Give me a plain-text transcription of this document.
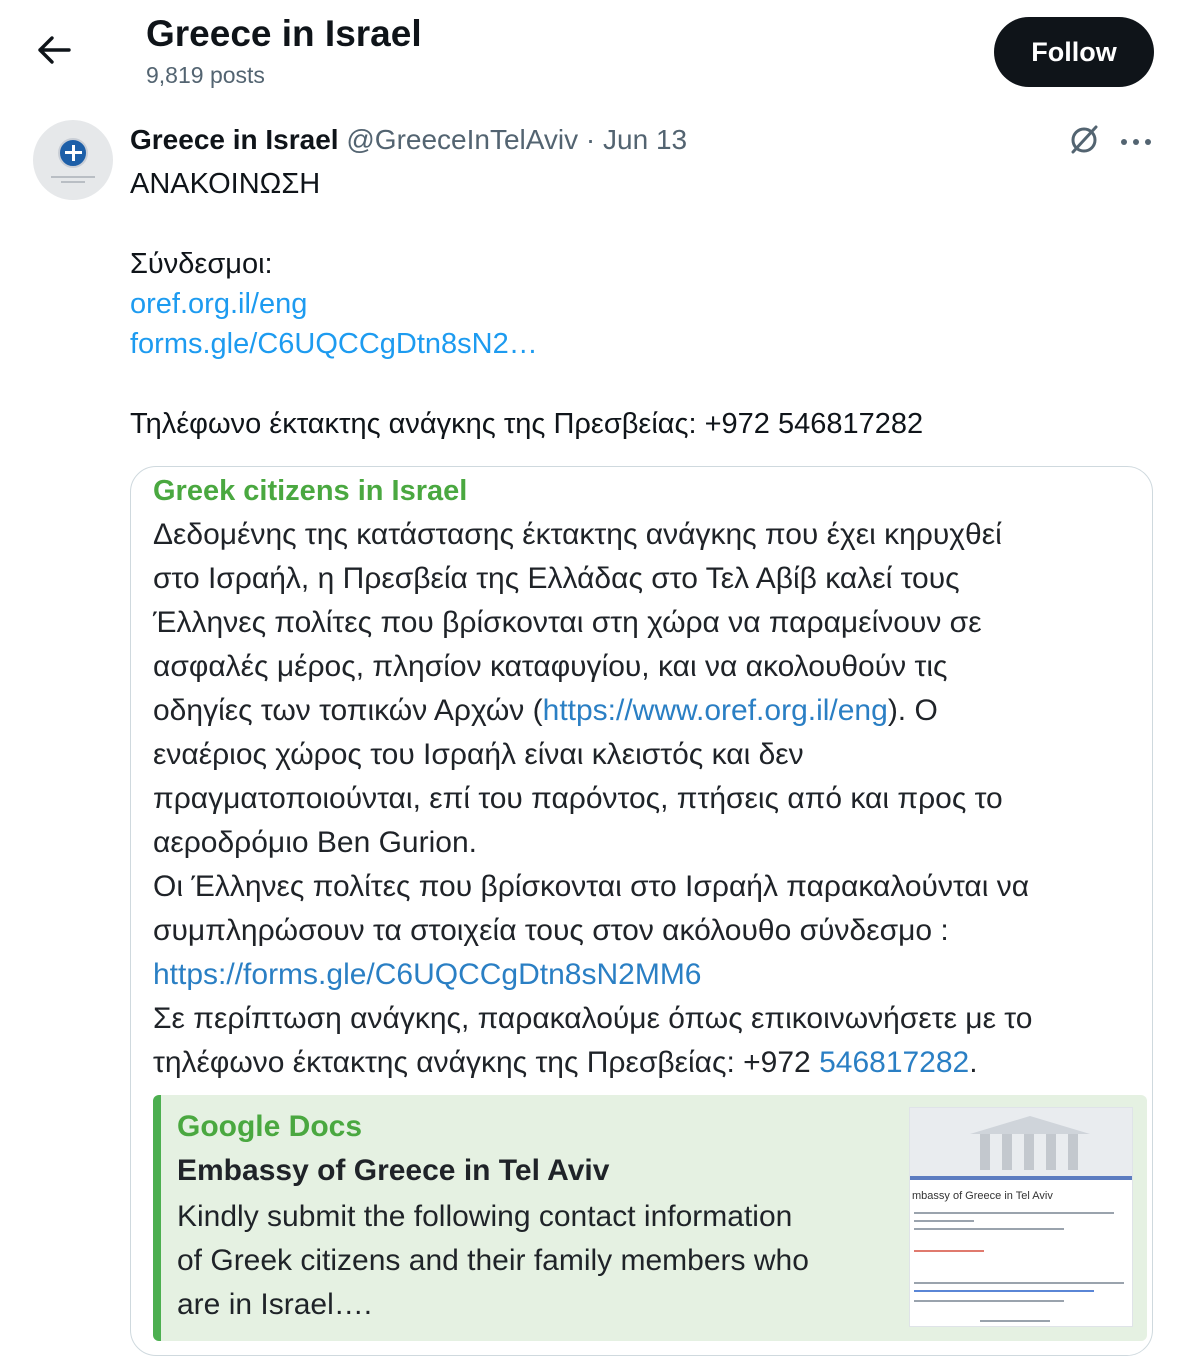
Greece in Israel
9,819 posts
Follow
Greece in Israel @GreeceInTelAviv · Jun 13
ΑΝΑΚΟΙΝΩΣΗ
Σύνδεσμοι:
oref.org.il/eng
forms.gle/C6UQCCgDtn8sN2…
Τηλέφωνο έκτακτης ανάγκης της Πρεσβείας: +972 546817282
Greek citizens in Israel
Δεδομένης της κατάστασης έκτακτης ανάγκης που έχει κηρυχθεί
στο Ισραήλ, η Πρεσβεία της Ελλάδας στο Τελ Αβίβ καλεί τους
Έλληνες πολίτες που βρίσκονται στη χώρα να παραμείνουν σε
ασφαλές μέρος, πλησίον καταφυγίου, και να ακολουθούν τις
οδηγίες των τοπικών Αρχών (https://www.oref.org.il/eng). Ο
εναέριος χώρος του Ισραήλ είναι κλειστός και δεν
πραγματοποιούνται, επί του παρόντος, πτήσεις από και προς το
αεροδρόμιο Ben Gurion.
Οι Έλληνες πολίτες που βρίσκονται στο Ισραήλ παρακαλούνται να
συμπληρώσουν τα στοιχεία τους στον ακόλουθο σύνδεσμο :
https://forms.gle/C6UQCCgDtn8sN2MM6
Σε περίπτωση ανάγκης, παρακαλούμε όπως επικοινωνήσετε με το
τηλέφωνο έκτακτης ανάγκης της Πρεσβείας: +972 546817282.
Google Docs
Embassy of Greece in Tel Aviv
Kindly submit the following contact information
of Greek citizens and their family members who
are in Israel….
mbassy of Greece in Tel Aviv
